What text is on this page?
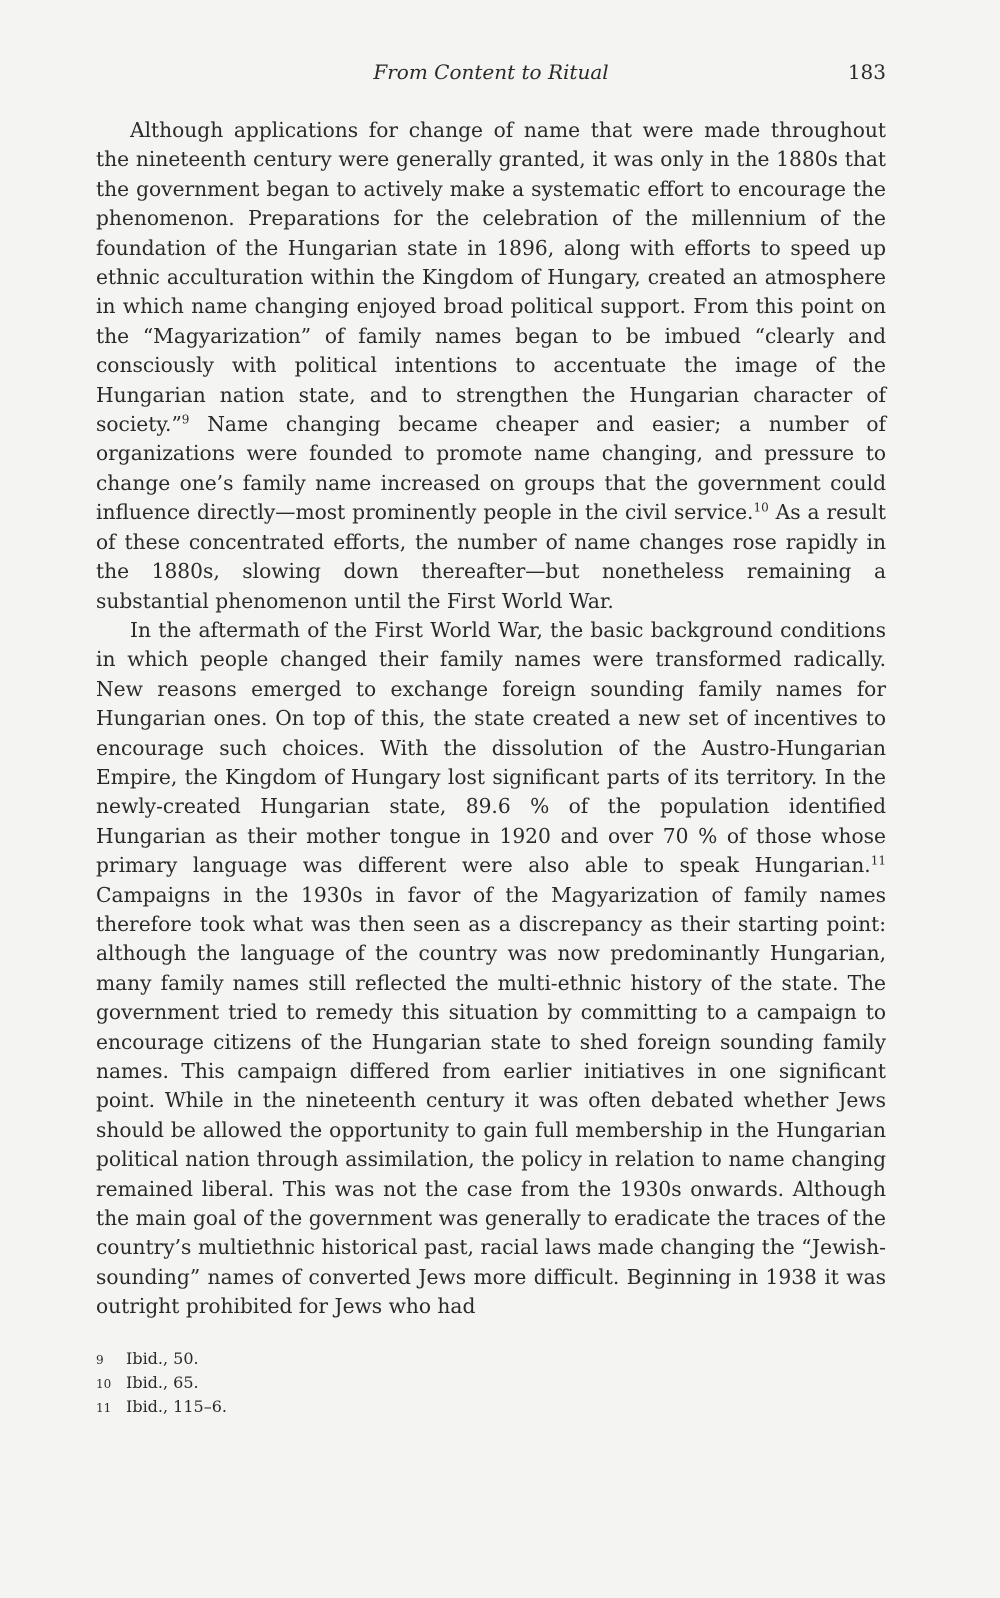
From Content to Ritual	183

Although applications for change of name that were made throughout the nineteenth century were generally granted, it was only in the 1880s that the government began to actively make a systematic effort to encourage the phenomenon. Preparations for the celebration of the millennium of the foundation of the Hungarian state in 1896, along with efforts to speed up ethnic acculturation within the Kingdom of Hungary, created an atmosphere in which name changing enjoyed broad political support. From this point on the “Magyarization” of family names began to be imbued “clearly and consciously with political intentions to accentuate the image of the Hungarian nation state, and to strengthen the Hungarian character of society.”$^9$ Name changing became cheaper and easier; a number of organizations were founded to promote name changing, and pressure to change one’s family name increased on groups that the government could influence directly—most prominently people in the civil service.$^{10}$ As a result of these concentrated efforts, the number of name changes rose rapidly in the 1880s, slowing down thereafter—but nonetheless remaining a substantial phenomenon until the First World War.

In the aftermath of the First World War, the basic background conditions in which people changed their family names were transformed radically. New reasons emerged to exchange foreign sounding family names for Hungarian ones. On top of this, the state created a new set of incentives to encourage such choices. With the dissolution of the Austro-Hungarian Empire, the Kingdom of Hungary lost significant parts of its territory. In the newly-created Hungarian state, 89.6 % of the population identified Hungarian as their mother tongue in 1920 and over 70 % of those whose primary language was different were also able to speak Hungarian.$^{11}$ Campaigns in the 1930s in favor of the Magyarization of family names therefore took what was then seen as a discrepancy as their starting point: although the language of the country was now predominantly Hungarian, many family names still reflected the multi-ethnic history of the state. The government tried to remedy this situation by committing to a campaign to encourage citizens of the Hungarian state to shed foreign sounding family names. This campaign differed from earlier initiatives in one significant point. While in the nineteenth century it was often debated whether Jews should be allowed the opportunity to gain full membership in the Hungarian political nation through assimilation, the policy in relation to name changing remained liberal. This was not the case from the 1930s onwards. Although the main goal of the government was generally to eradicate the traces of the country’s multiethnic historical past, racial laws made changing the “Jewish-sounding” names of converted Jews more difficult. Beginning in 1938 it was outright prohibited for Jews who had

9	Ibid., 50.
10 Ibid., 65.
11 Ibid., 115–6.
